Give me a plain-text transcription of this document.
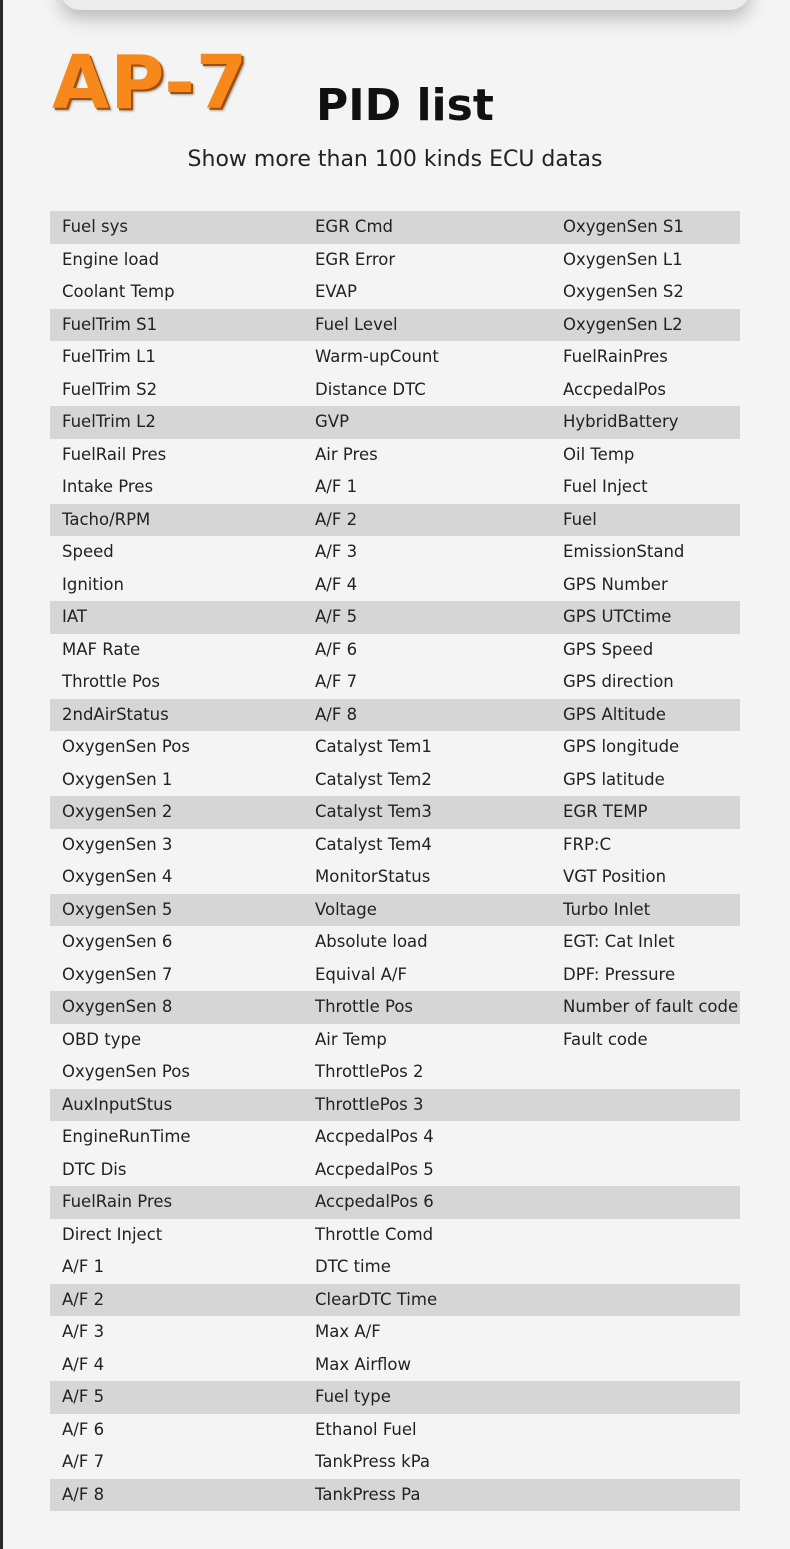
AP-7 PID list
Show more than 100 kinds ECU datas
Fuel sys	EGR Cmd	OxygenSen S1
Engine load	EGR Error	OxygenSen L1
Coolant Temp	EVAP	OxygenSen S2
FuelTrim S1	Fuel Level	OxygenSen L2
FuelTrim L1	Warm-upCount	FuelRainPres
FuelTrim S2	Distance DTC	AccpedalPos
FuelTrim L2	GVP	HybridBattery
FuelRail Pres	Air Pres	Oil Temp
Intake Pres	A/F 1	Fuel Inject
Tacho/RPM	A/F 2	Fuel
Speed	A/F 3	EmissionStand
Ignition	A/F 4	GPS Number
IAT	A/F 5	GPS UTCtime
MAF Rate	A/F 6	GPS Speed
Throttle Pos	A/F 7	GPS direction
2ndAirStatus	A/F 8	GPS Altitude
OxygenSen Pos	Catalyst Tem1	GPS longitude
OxygenSen 1	Catalyst Tem2	GPS latitude
OxygenSen 2	Catalyst Tem3	EGR TEMP
OxygenSen 3	Catalyst Tem4	FRP:C
OxygenSen 4	MonitorStatus	VGT Position
OxygenSen 5	Voltage	Turbo Inlet
OxygenSen 6	Absolute load	EGT: Cat Inlet
OxygenSen 7	Equival A/F	DPF: Pressure
OxygenSen 8	Throttle Pos	Number of fault code
OBD type	Air Temp	Fault code
OxygenSen Pos	ThrottlePos 2
AuxInputStus	ThrottlePos 3
EngineRunTime	AccpedalPos 4
DTC Dis	AccpedalPos 5
FuelRain Pres	AccpedalPos 6
Direct Inject	Throttle Comd
A/F 1	DTC time
A/F 2	ClearDTC Time
A/F 3	Max A/F
A/F 4	Max Airflow
A/F 5	Fuel type
A/F 6	Ethanol Fuel
A/F 7	TankPress kPa
A/F 8	TankPress Pa
